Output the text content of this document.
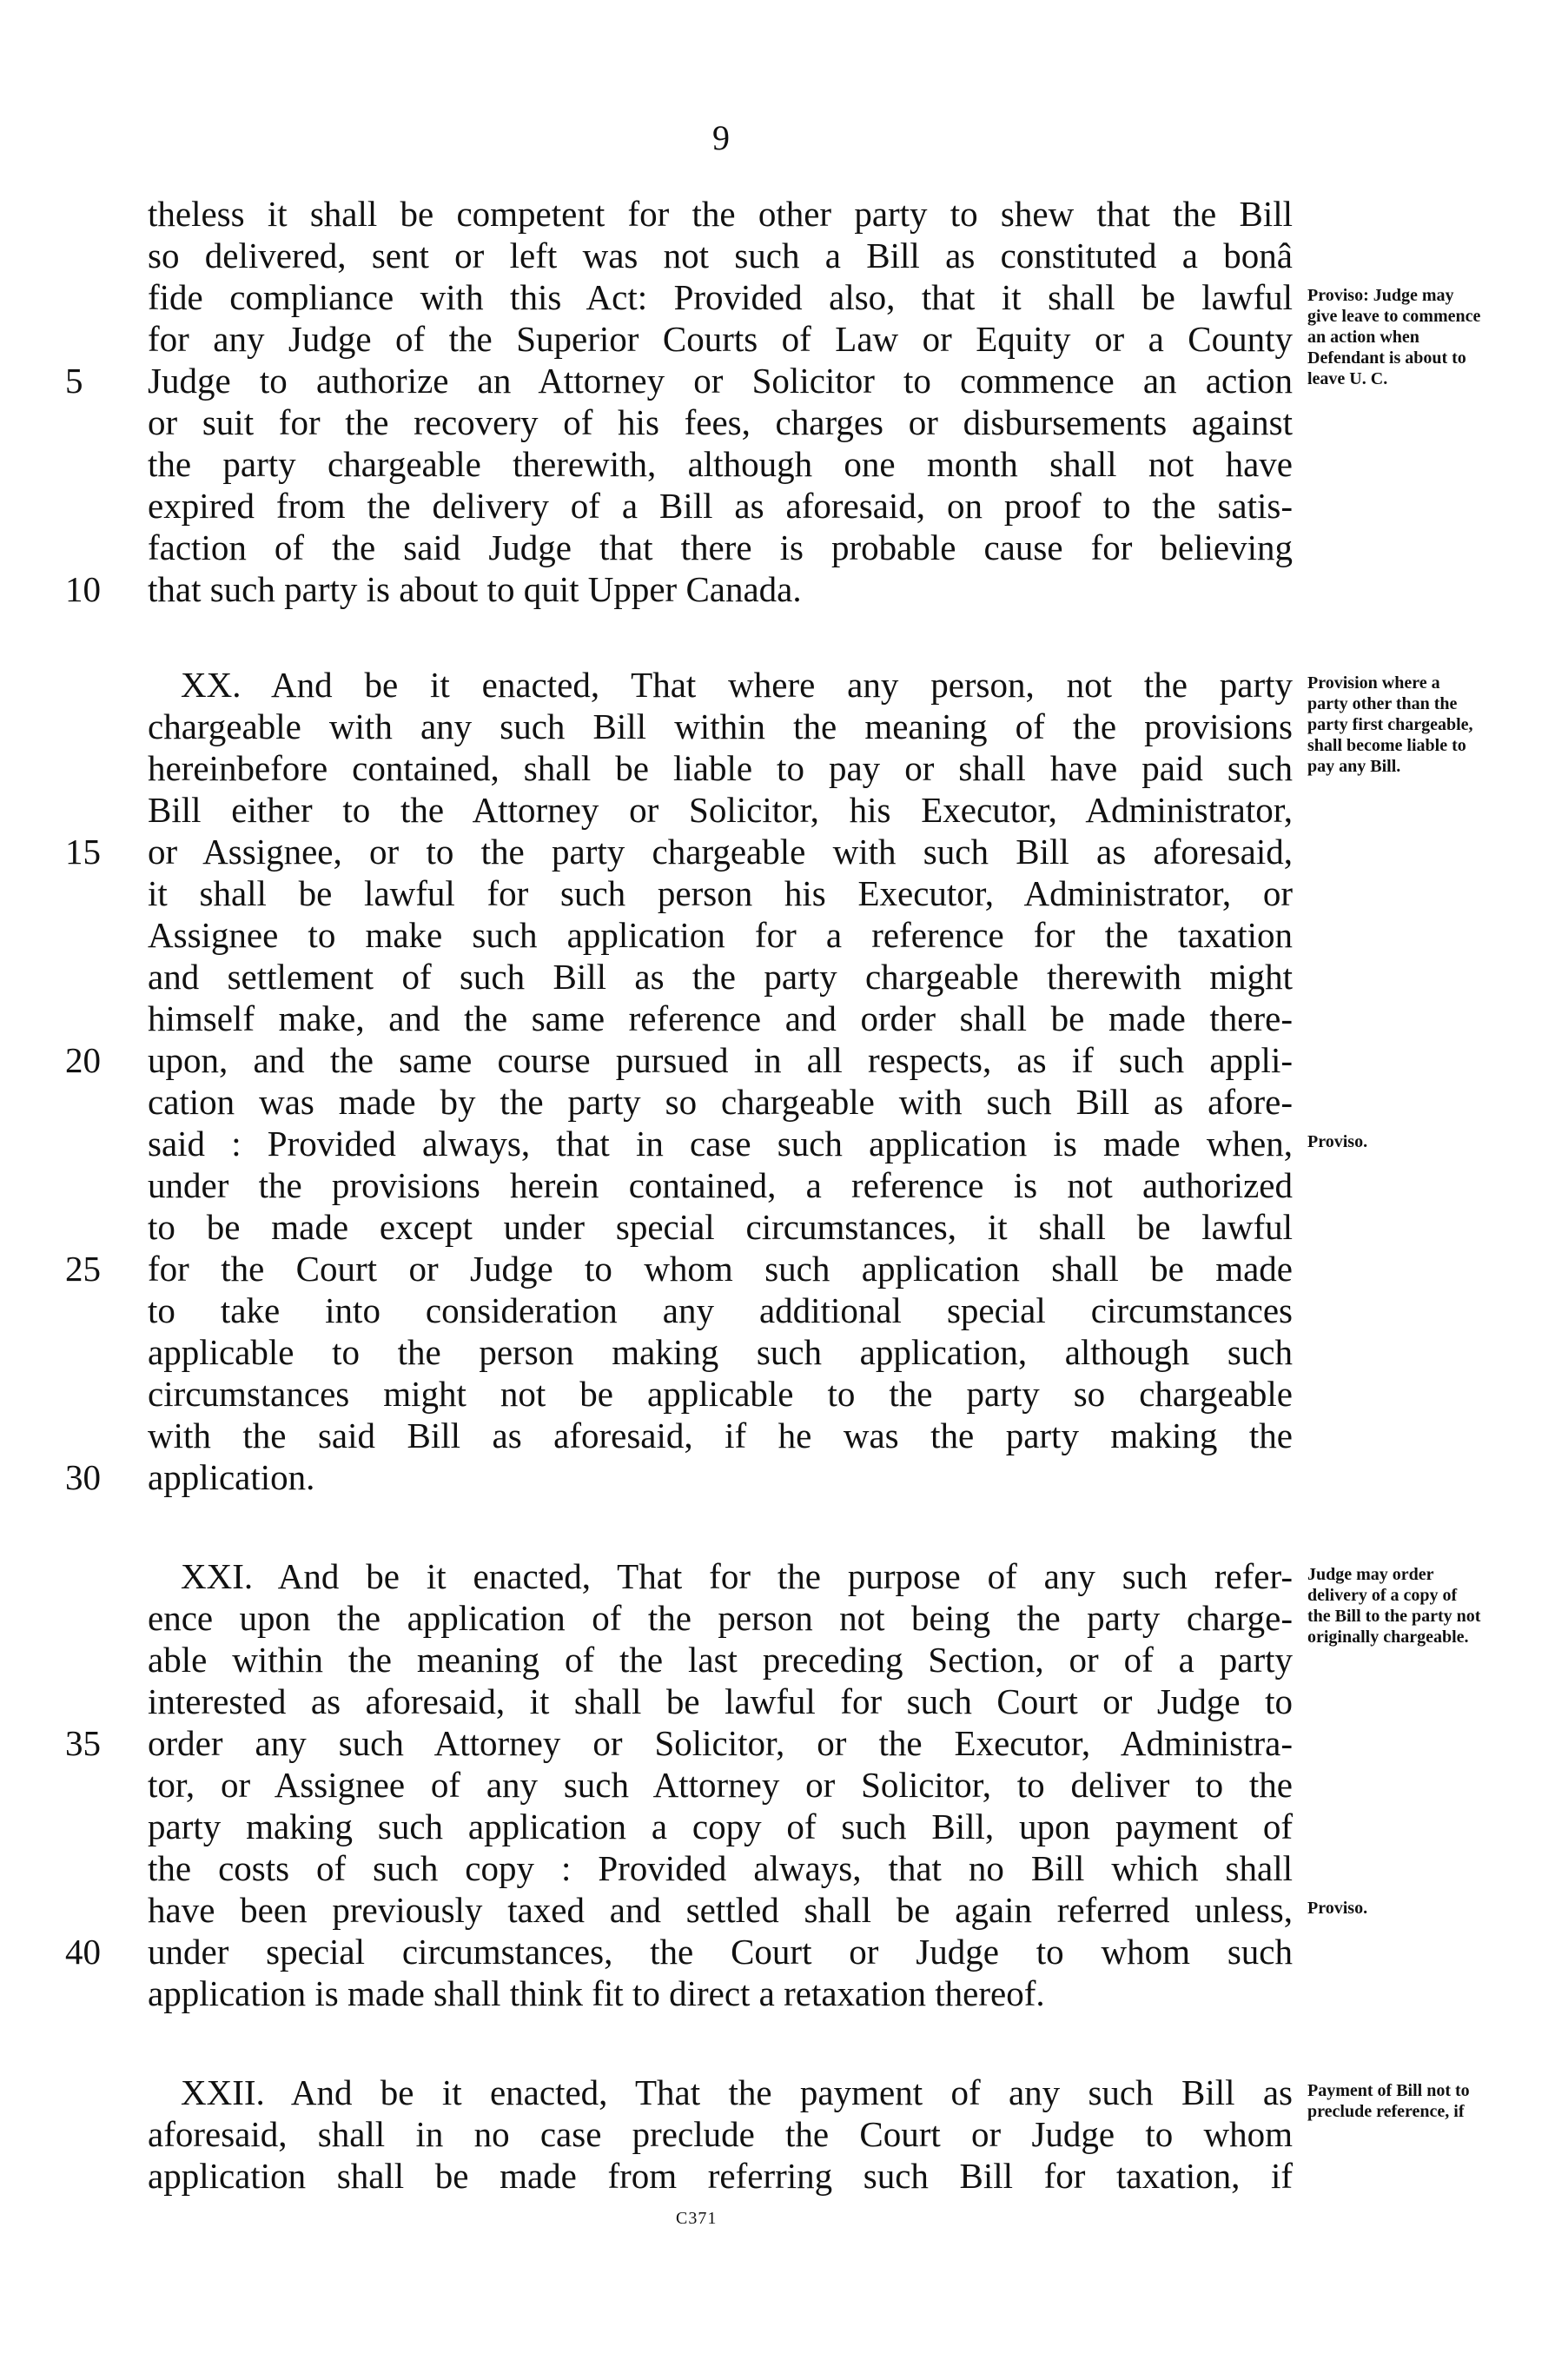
9
theless it shall be competent for the other party to shew that the Bill
so delivered, sent or left was not such a Bill as constituted a bonâ
fide compliance with this Act: Provided also, that it shall be lawful
for any Judge of the Superior Courts of Law or Equity or a County
Judge to authorize an Attorney or Solicitor to commence an action
or suit for the recovery of his fees, charges or disbursements against
the party chargeable therewith, although one month shall not have
expired from the delivery of a Bill as aforesaid, on proof to the satis-
faction of the said Judge that there is probable cause for believing
that such party is about to quit Upper Canada.
XX. And be it enacted, That where any person, not the party
chargeable with any such Bill within the meaning of the provisions
hereinbefore contained, shall be liable to pay or shall have paid such
Bill either to the Attorney or Solicitor, his Executor, Administrator,
or Assignee, or to the party chargeable with such Bill as aforesaid,
it shall be lawful for such person his Executor, Administrator, or
Assignee to make such application for a reference for the taxation
and settlement of such Bill as the party chargeable therewith might
himself make, and the same reference and order shall be made there-
upon, and the same course pursued in all respects, as if such appli-
cation was made by the party so chargeable with such Bill as afore-
said : Provided always, that in case such application is made when,
under the provisions herein contained, a reference is not authorized
to be made except under special circumstances, it shall be lawful
for the Court or Judge to whom such application shall be made
to take into consideration any additional special circumstances
applicable to the person making such application, although such
circumstances might not be applicable to the party so chargeable
with the said Bill as aforesaid, if he was the party making the
application.
XXI. And be it enacted, That for the purpose of any such refer-
ence upon the application of the person not being the party charge-
able within the meaning of the last preceding Section, or of a party
interested as aforesaid, it shall be lawful for such Court or Judge to
order any such Attorney or Solicitor, or the Executor, Administra-
tor, or Assignee of any such Attorney or Solicitor, to deliver to the
party making such application a copy of such Bill, upon payment of
the costs of such copy : Provided always, that no Bill which shall
have been previously taxed and settled shall be again referred unless,
under special circumstances, the Court or Judge to whom such
application is made shall think fit to direct a retaxation thereof.
XXII. And be it enacted, That the payment of any such Bill as
aforesaid, shall in no case preclude the Court or Judge to whom
application shall be made from referring such Bill for taxation, if
5
10
15
20
25
30
35
40
Proviso: Judge may give leave to commence an action when Defendant is about to leave U. C.
Provision where a party other than the party first chargeable, shall become liable to pay any Bill.
Proviso.
Judge may order delivery of a copy of the Bill to the party not originally chargeable.
Proviso.
Payment of Bill not to preclude reference, if
C371
